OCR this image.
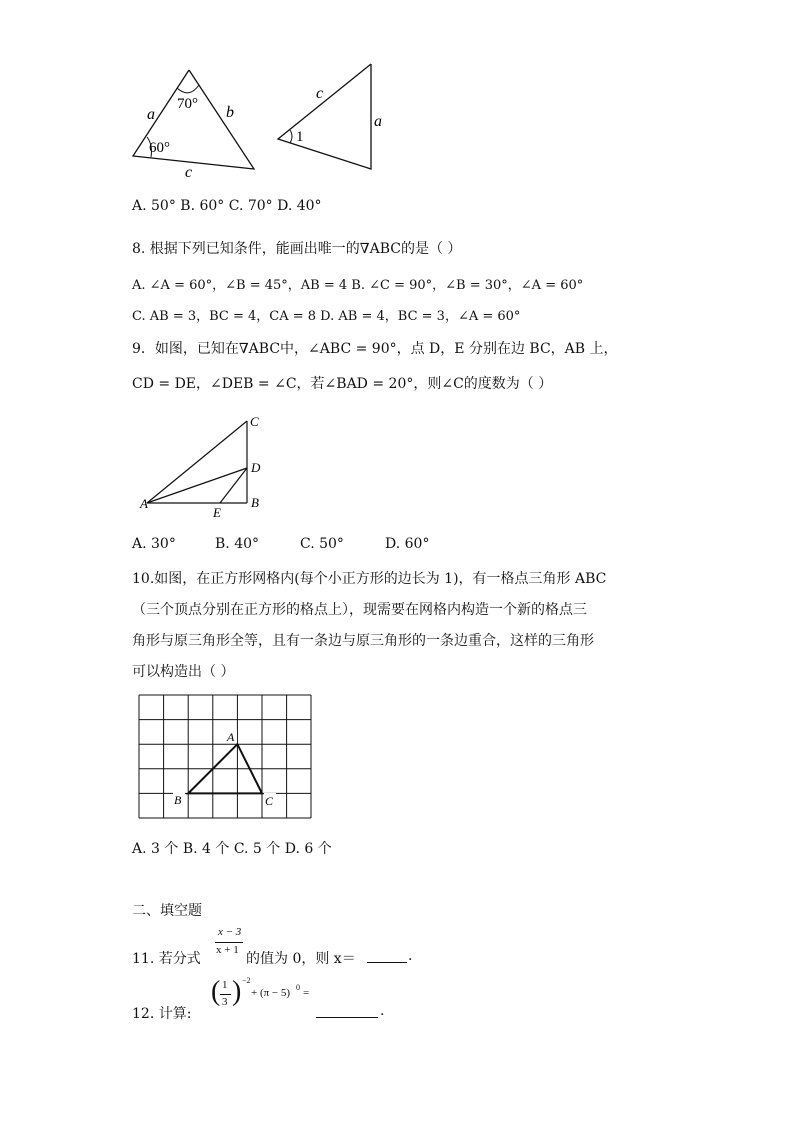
a	b
c
70°
60°
c
a
1
A. 50° B. 60° C. 70° D. 40°
8. 根据下列已知条件，能画出唯一的∇ABC的是（ ）
A. ∠A = 60°，∠B = 45°，AB = 4 B. ∠C = 90°，∠B = 30°，∠A = 60°
C. AB = 3，BC = 4，CA = 8 D. AB = 4，BC = 3，∠A = 60°
9．如图，已知在∇ABC中，∠ABC = 90°，点 D，E 分别在边 BC，AB 上，
CD = DE，∠DEB = ∠C，若∠BAD = 20°，则∠C的度数为（ ）
A	B
C
D
E
A. 30°	B. 40°	C. 50°	D. 60°
10.如图，在正方形网格内(每个小正方形的边长为 1)，有一格点三角形 ABC
（三个顶点分别在正方形的格点上），现需要在网格内构造一个新的格点三
角形与原三角形全等，且有一条边与原三角形的一条边重合，这样的三角形
可以构造出（ ）
A
B	C
A. 3 个 B. 4 个 C. 5 个 D. 6 个
二、填空题
11. 若分式
x − 3
x + 1
的值为 0，则 x＝	.
12. 计算:
( 1
3 ) −2
+ (π − 5) 0 =
.
